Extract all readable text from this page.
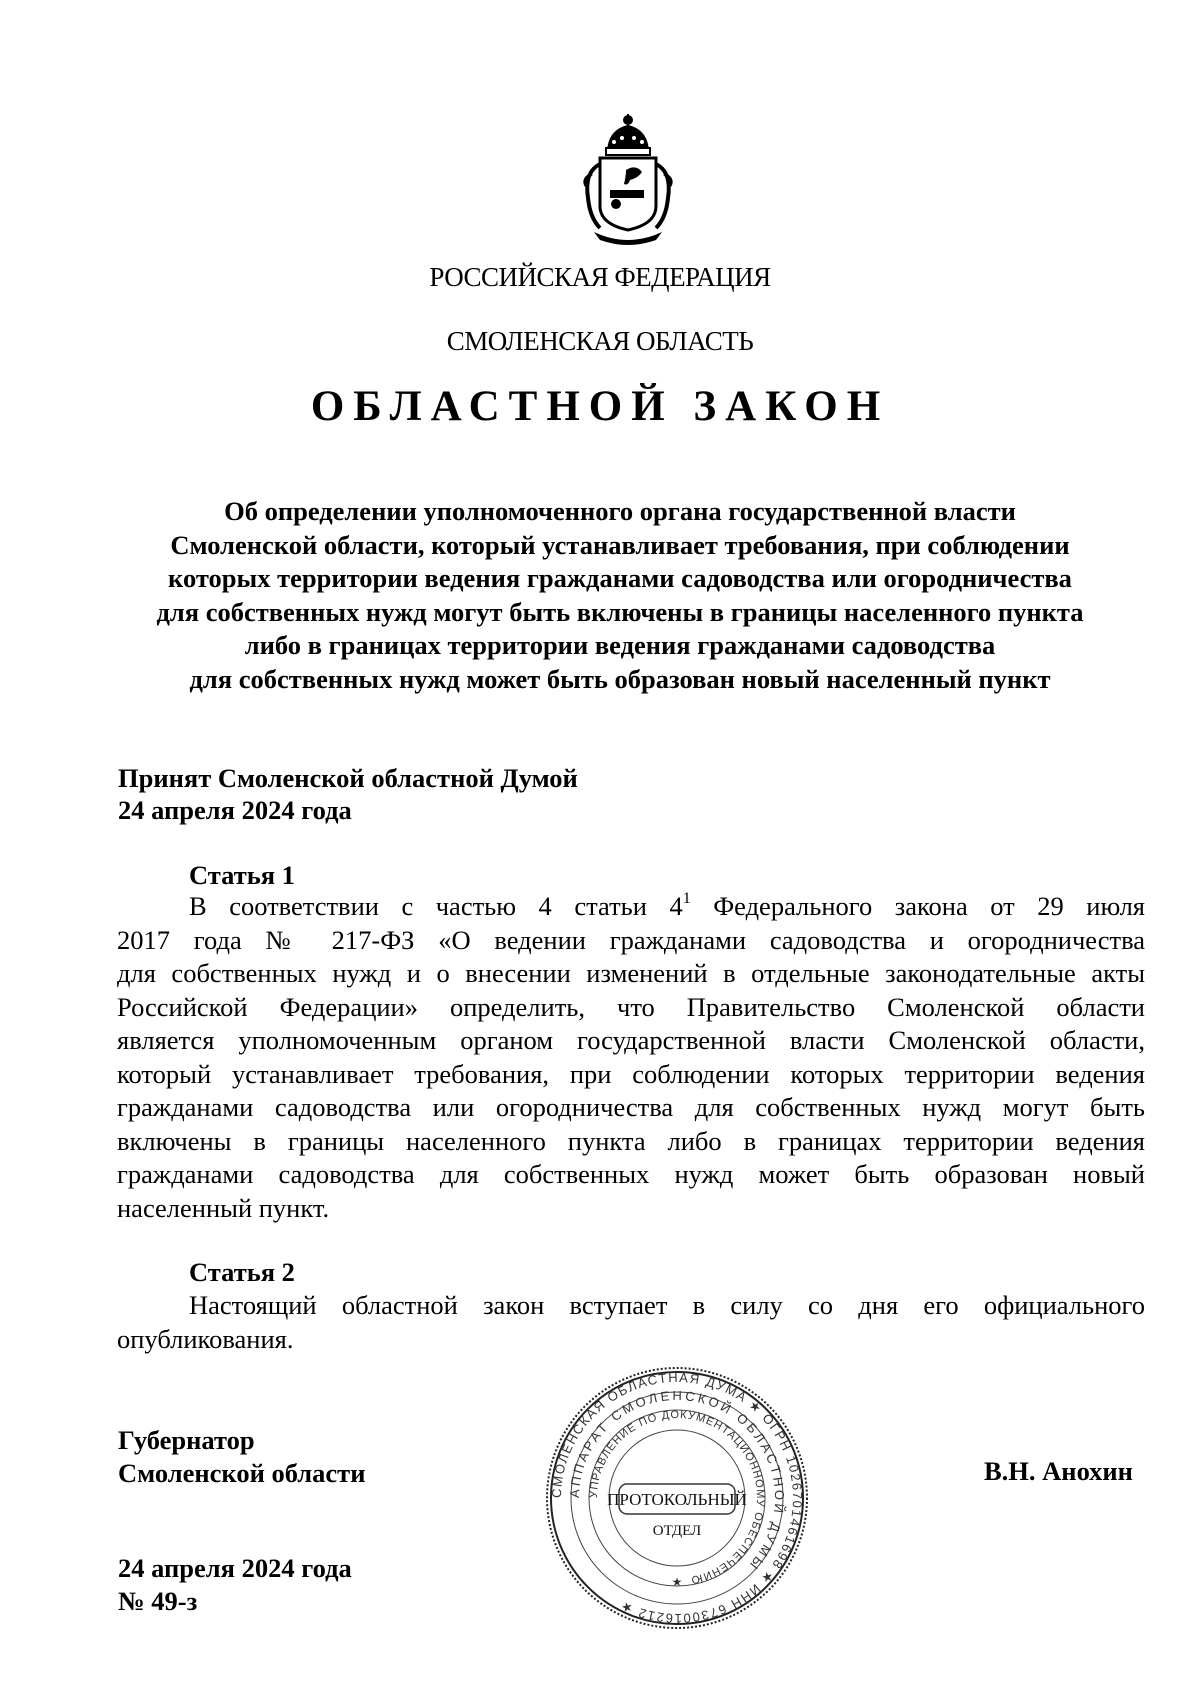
РОССИЙСКАЯ ФЕДЕРАЦИЯ
СМОЛЕНСКАЯ ОБЛАСТЬ
ОБЛАСТНОЙ ЗАКОН
Об определении уполномоченного органа государственной власти
Смоленской области, который устанавливает требования, при соблюдении
которых территории ведения гражданами садоводства или огородничества
для собственных нужд могут быть включены в границы населенного пункта
либо в границах территории ведения гражданами садоводства
для собственных нужд может быть образован новый населенный пункт
Принят Смоленской областной Думой
24 апреля 2024 года
Статья 1
В соответствии с частью 4 статьи $4^1$ Федерального закона от 29 июля
2017 года № 217-ФЗ «О ведении гражданами садоводства и огородничества
для собственных нужд и о внесении изменений в отдельные законодательные акты
Российской Федерации» определить, что Правительство Смоленской области
является уполномоченным органом государственной власти Смоленской области,
который устанавливает требования, при соблюдении которых территории ведения
гражданами садоводства или огородничества для собственных нужд могут быть
включены в границы населенного пункта либо в границах территории ведения
гражданами садоводства для собственных нужд может быть образован новый
населенный пункт.
Статья 2
Настоящий областной закон вступает в силу со дня его официального
опубликования.
Губернатор
Смоленской области	В.Н. Анохин
24 апреля 2024 года
№ 49-з
СМОЛЕНСКАЯ ОБЛАСТНАЯ ДУМА ★ ОГРН 1026701461698 ★ ИНН 6730016212 ★
АППАРАТ СМОЛЕНСКОЙ ОБЛАСТНОЙ ДУМЫ
УПРАВЛЕНИЕ ПО ДОКУМЕНТАЦИОННОМУ ОБЕСПЕЧЕНИЮ
ПРОТОКОЛЬНЫЙ
ОТДЕЛ
★
